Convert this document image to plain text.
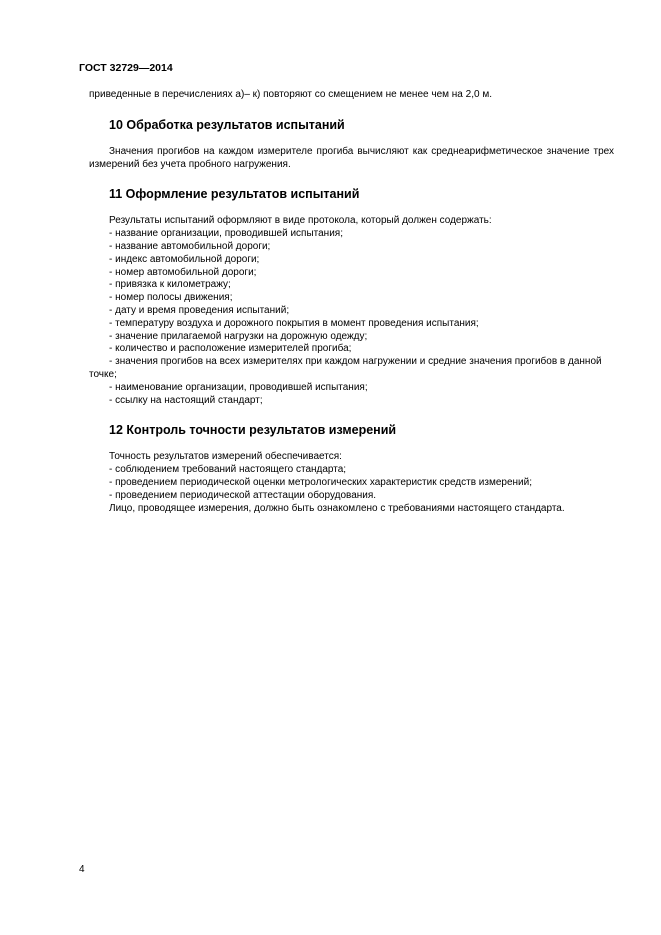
ГОСТ 32729—2014

приведенные в перечислениях а)– к) повторяют со смещением не менее чем на 2,0 м.

10 Обработка результатов испытаний

Значения прогибов на каждом измерителе прогиба вычисляют как среднеарифметическое значение трех измерений без учета пробного нагружения.

11 Оформление результатов испытаний

Результаты испытаний оформляют в виде протокола, который должен содержать:

- название организации, проводившей испытания;

- название автомобильной дороги;

- индекс автомобильной дороги;

- номер автомобильной дороги;

- привязка к километражу;

- номер полосы движения;

- дату и время проведения испытаний;

- температуру воздуха и дорожного покрытия в момент проведения испытания;

- значение прилагаемой нагрузки на дорожную одежду;

- количество и расположение измерителей прогиба;

- значения прогибов на всех измерителях при каждом нагружении и средние значения прогибов в данной точке;

- наименование организации, проводившей испытания;

- ссылку на настоящий стандарт;

12 Контроль точности результатов измерений

Точность результатов измерений обеспечивается:

- соблюдением требований настоящего стандарта;

- проведением периодической оценки метрологических характеристик средств измерений;

- проведением периодической аттестации оборудования.

Лицо, проводящее измерения, должно быть ознакомлено с требованиями настоящего стандарта.

4
